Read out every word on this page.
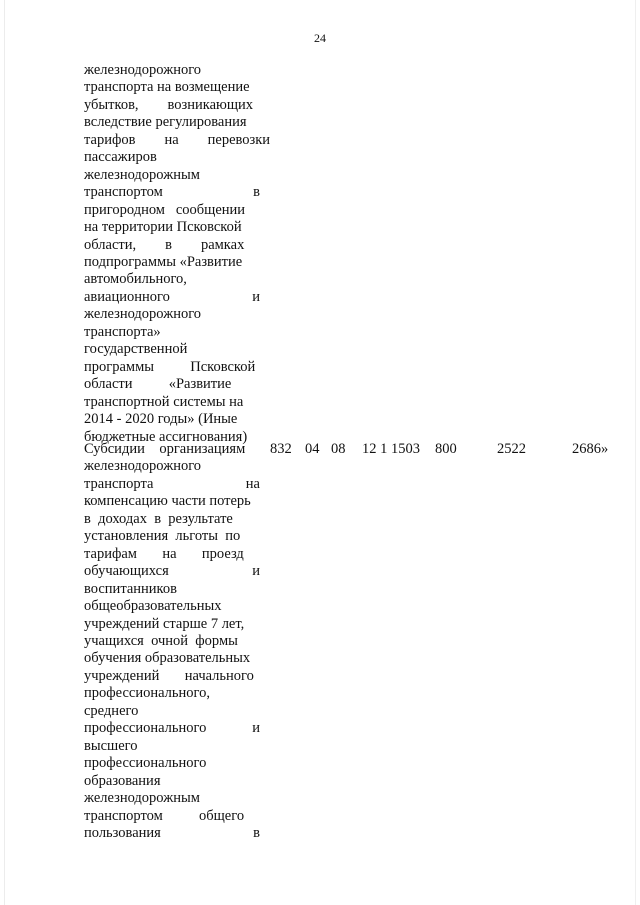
24
железнодорожного
транспорта на возмещение
убытков,        возникающих
вследствие регулирования
тарифов        на        перевозки
пассажиров
железнодорожным
транспортом	в
пригородном   сообщении
на территории Псковской
области,        в        рамках
подпрограммы «Развитие
автомобильного,
авиационного	и
железнодорожного
транспорта»
государственной
программы          Псковской
области          «Развитие
транспортной системы на
2014 - 2020 годы» (Иные
бюджетные ассигнования)
Субсидии    организациям
железнодорожного
транспорта	на
компенсацию части потерь
в  доходах  в  результате
установления  льготы  по
тарифам       на       проезд
обучающихся	и
воспитанников
общеобразовательных
учреждений старше 7 лет,
учащихся  очной  формы
обучения образовательных
учреждений       начального
профессионального,
среднего
профессионального	и
высшего
профессионального
образования
железнодорожным
транспортом          общего
пользования	в
832 04 08 12 1 1503 800	2522	2686»
